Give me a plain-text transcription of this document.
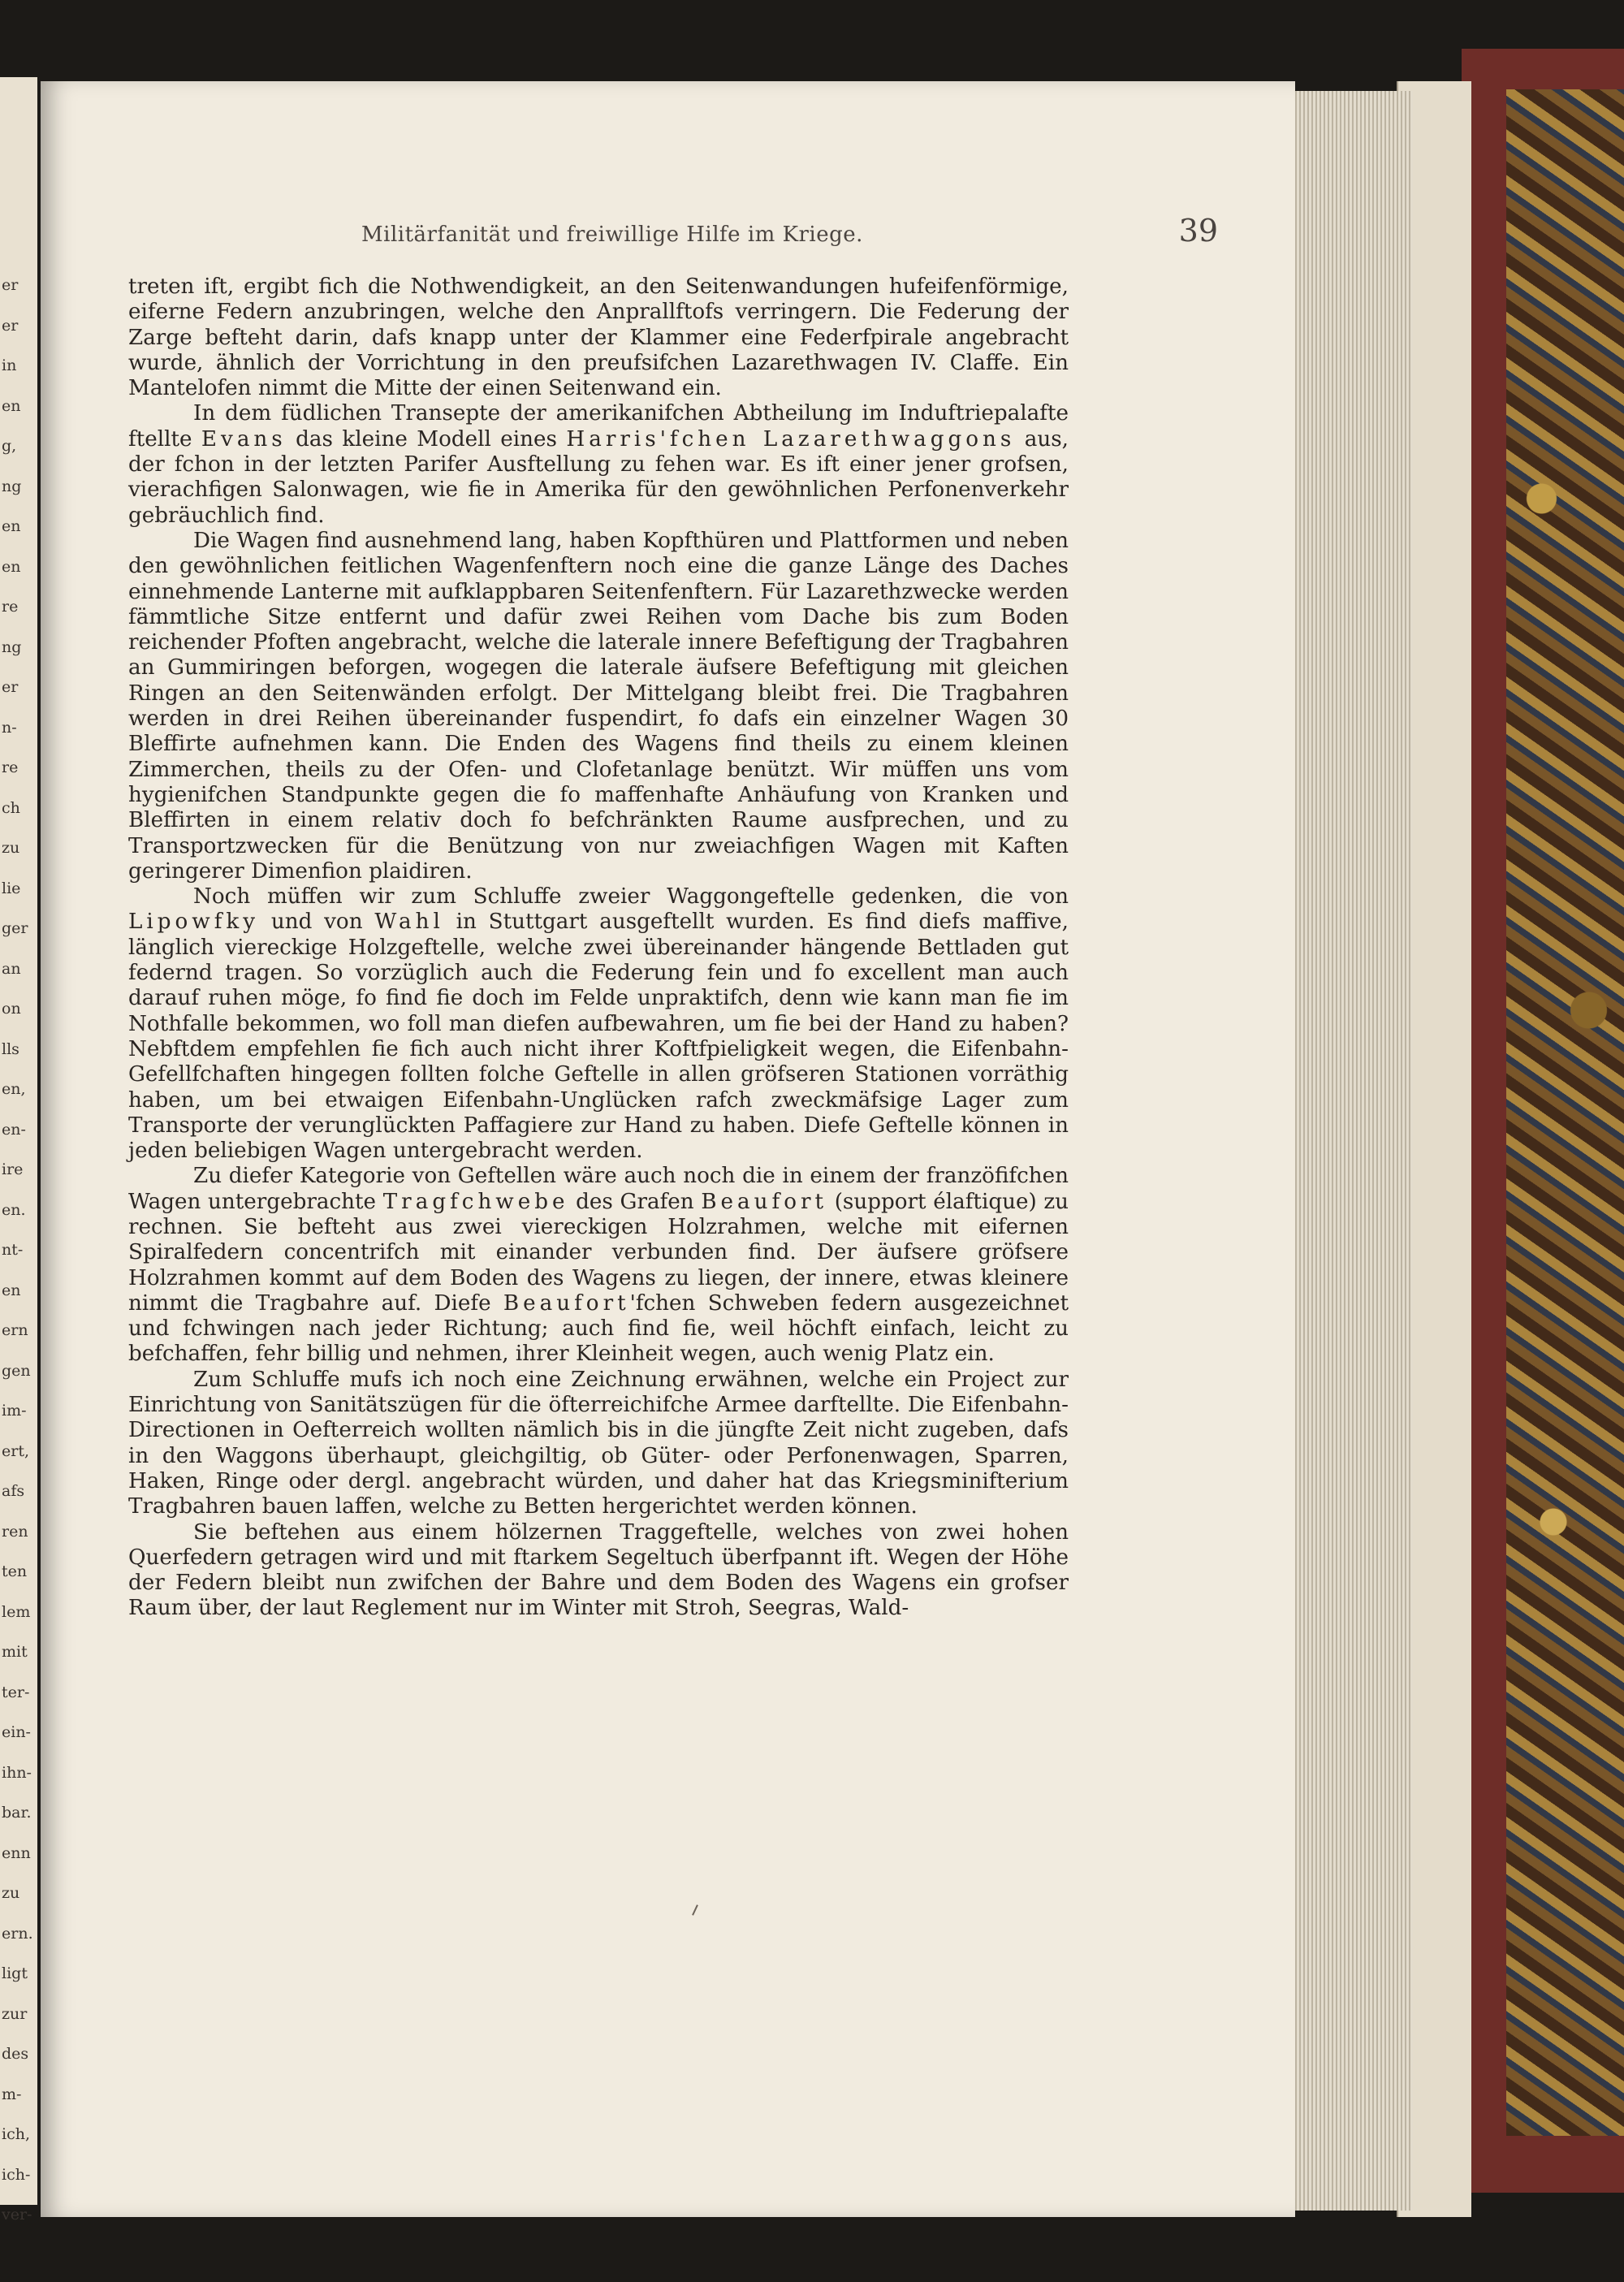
er
er
in
en
g,
ng
en
en
re
ng
er
n-
re
ch
zu
lie
ger
an
on
lls
en,
en-
ire
en.
nt-
en
ern
gen
im-
ert,
afs
ren
ten
lem
mit
ter-
ein-
ihn-
bar.
enn
zu
ern.
ligt
zur
des
m-
ich,
ich-
ver-
Militärfanität und freiwillige Hilfe im Kriege.	39

treten ift, ergibt fich die Nothwendigkeit, an den Seitenwandungen hufeifenförmige, eiferne Federn anzubringen, welche den Anprallftofs verringern. Die Federung der Zarge befteht darin, dafs knapp unter der Klammer eine Federfpirale angebracht wurde, ähnlich der Vorrichtung in den preufsifchen Lazarethwagen IV. Claffe. Ein Mantelofen nimmt die Mitte der einen Seitenwand ein.

In dem füdlichen Transepte der amerikanifchen Abtheilung im Induftriepalafte ftellte Evans das kleine Modell eines Harris'fchen Lazarethwaggons aus, der fchon in der letzten Parifer Ausftellung zu fehen war. Es ift einer jener grofsen, vierachfigen Salonwagen, wie fie in Amerika für den gewöhnlichen Perfonenverkehr gebräuchlich find.

Die Wagen find ausnehmend lang, haben Kopfthüren und Plattformen und neben den gewöhnlichen feitlichen Wagenfenftern noch eine die ganze Länge des Daches einnehmende Lanterne mit aufklappbaren Seitenfenftern. Für Lazarethzwecke werden fämmtliche Sitze entfernt und dafür zwei Reihen vom Dache bis zum Boden reichender Pfoften angebracht, welche die laterale innere Befeftigung der Tragbahren an Gummiringen beforgen, wogegen die laterale äufsere Befeftigung mit gleichen Ringen an den Seitenwänden erfolgt. Der Mittelgang bleibt frei. Die Tragbahren werden in drei Reihen übereinander fuspendirt, fo dafs ein einzelner Wagen 30 Bleffirte aufnehmen kann. Die Enden des Wagens find theils zu einem kleinen Zimmerchen, theils zu der Ofen- und Clofetanlage benützt. Wir müffen uns vom hygienifchen Standpunkte gegen die fo maffenhafte Anhäufung von Kranken und Bleffirten in einem relativ doch fo befchränkten Raume ausfprechen, und zu Transportzwecken für die Benützung von nur zweiachfigen Wagen mit Kaften geringerer Dimenfion plaidiren.

Noch müffen wir zum Schluffe zweier Waggongeftelle gedenken, die von Lipowfky und von Wahl in Stuttgart ausgeftellt wurden. Es find diefs maffive, länglich viereckige Holzgeftelle, welche zwei übereinander hängende Bettladen gut federnd tragen. So vorzüglich auch die Federung fein und fo excellent man auch darauf ruhen möge, fo find fie doch im Felde unpraktifch, denn wie kann man fie im Nothfalle bekommen, wo foll man diefen aufbewahren, um fie bei der Hand zu haben? Nebftdem empfehlen fie fich auch nicht ihrer Koftfpieligkeit wegen, die Eifenbahn-Gefellfchaften hingegen follten folche Geftelle in allen gröfseren Stationen vorräthig haben, um bei etwaigen Eifenbahn-Unglücken rafch zweckmäfsige Lager zum Transporte der verunglückten Paffagiere zur Hand zu haben. Diefe Geftelle können in jeden beliebigen Wagen untergebracht werden.

Zu diefer Kategorie von Geftellen wäre auch noch die in einem der franzöfifchen Wagen untergebrachte Tragfchwebe des Grafen Beaufort (support élaftique) zu rechnen. Sie befteht aus zwei viereckigen Holzrahmen, welche mit eifernen Spiralfedern concentrifch mit einander verbunden find. Der äufsere gröfsere Holzrahmen kommt auf dem Boden des Wagens zu liegen, der innere, etwas kleinere nimmt die Tragbahre auf. Diefe Beaufort'fchen Schweben federn ausgezeichnet und fchwingen nach jeder Richtung; auch find fie, weil höchft einfach, leicht zu befchaffen, fehr billig und nehmen, ihrer Kleinheit wegen, auch wenig Platz ein.

Zum Schluffe mufs ich noch eine Zeichnung erwähnen, welche ein Project zur Einrichtung von Sanitätszügen für die öfterreichifche Armee darftellte. Die Eifenbahn-Directionen in Oefterreich wollten nämlich bis in die jüngfte Zeit nicht zugeben, dafs in den Waggons überhaupt, gleichgiltig, ob Güter- oder Perfonenwagen, Sparren, Haken, Ringe oder dergl. angebracht würden, und daher hat das Kriegsminifterium Tragbahren bauen laffen, welche zu Betten hergerichtet werden können.

Sie beftehen aus einem hölzernen Traggeftelle, welches von zwei hohen Querfedern getragen wird und mit ftarkem Segeltuch überfpannt ift. Wegen der Höhe der Federn bleibt nun zwifchen der Bahre und dem Boden des Wagens ein grofser Raum über, der laut Reglement nur im Winter mit Stroh, Seegras, Wald-
